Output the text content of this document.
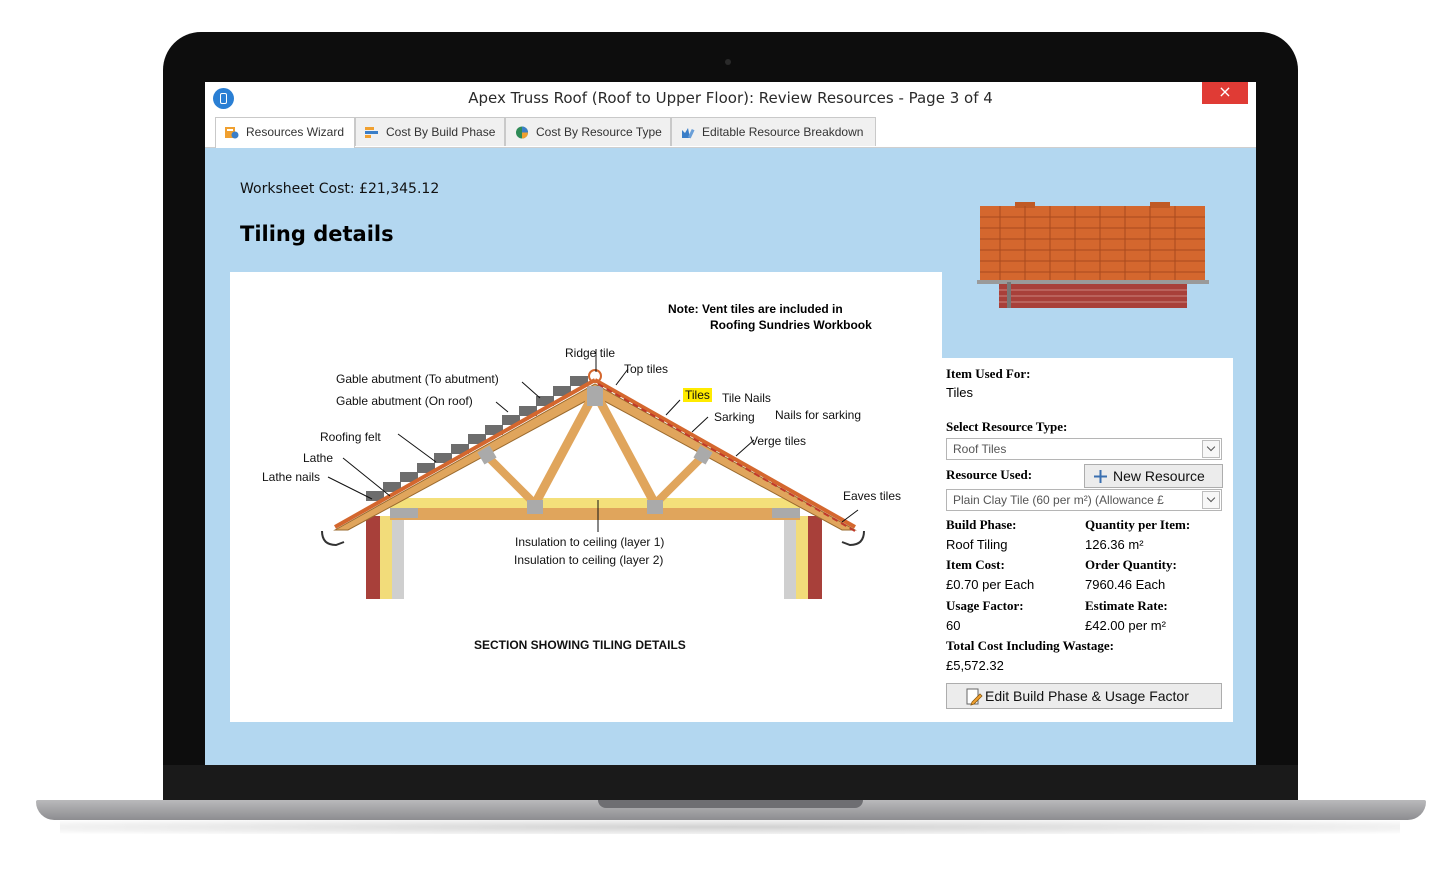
Apex Truss Roof (Roof to Upper Floor): Review Resources - Page 3 of 4	×
Resources Wizard	Cost By Build Phase	Cost By Resource Type	Editable Resource Breakdown
Worksheet Cost: £21,345.12
Tiling details
Note: Vent tiles are included in
Roofing Sundries Workbook
Ridge tile
Top tiles
Gable abutment (To abutment)
Gable abutment (On roof)	Tiles Tile Nails
Sarking Nails for sarking
Roofing felt	Verge tiles
Lathe
Lathe nails
Eaves tiles
Insulation to ceiling (layer 1)
Insulation to ceiling (layer 2)
SECTION SHOWING TILING DETAILS
Item Used For:
Tiles
Select Resource Type:
Roof Tiles
Resource Used:	New Resource
Plain Clay Tile (60 per m²) (Allowance £
Build Phase:	Quantity per Item:
Roof Tiling	126.36 m²
Item Cost:	Order Quantity:
£0.70 per Each	7960.46 Each
Usage Factor:	Estimate Rate:
60	£42.00 per m²
Total Cost Including Wastage:
£5,572.32
Edit Build Phase & Usage Factor
